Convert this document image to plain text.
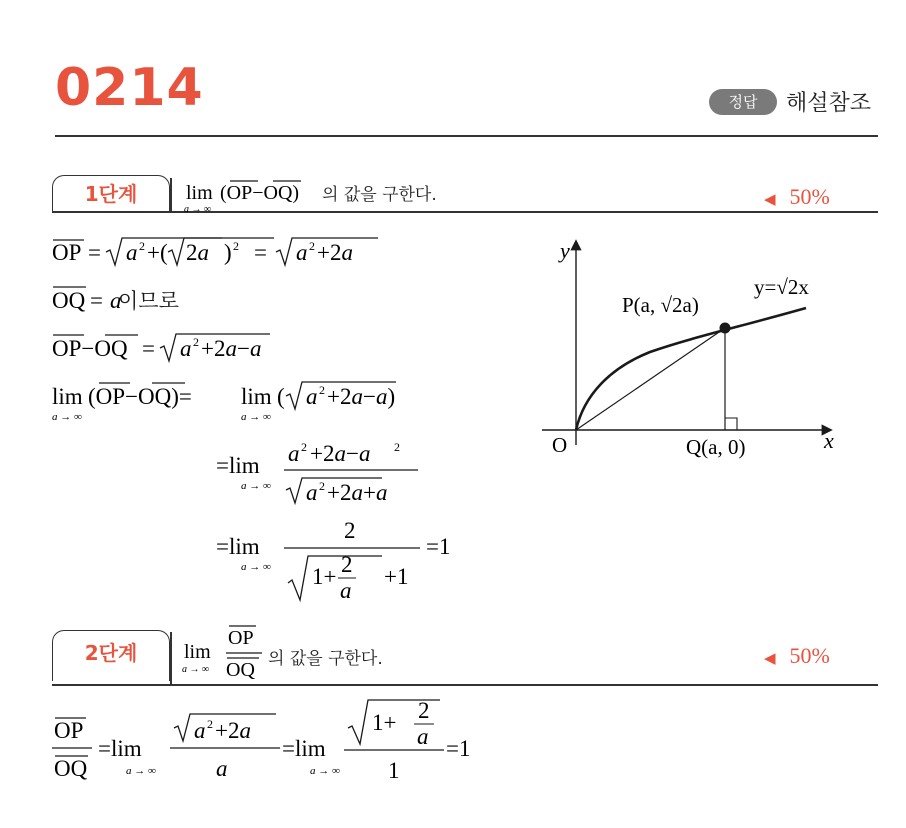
0214	정답	해설참조
1단계	lim
a → ∞
(OP−OQ) 의 값을 구한다.	◀ 50%
OP = a 2 +( 2a ) 2 = a 2 +2a
OQ = a
OP−OQ = a 2 +2a−a
lim
a → ∞
(OP−OQ)= lim
a → ∞
( a 2 +2a−a)
=lim
a → ∞
a 2 +2a−a 2
a 2 +2a+a
=lim
a → ∞
2
1+ 2
a
+1
=1
이므로
y
x
O
P(a, √2a)
Q(a, 0)
y=√2x
2단계	lim
a → ∞
OP
OQ 의 값을 구한다.	◀ 50%
OP
OQ
=lim
a → ∞
a 2 +2a
a
=lim
a → ∞
1+ 2
a
1
=1
